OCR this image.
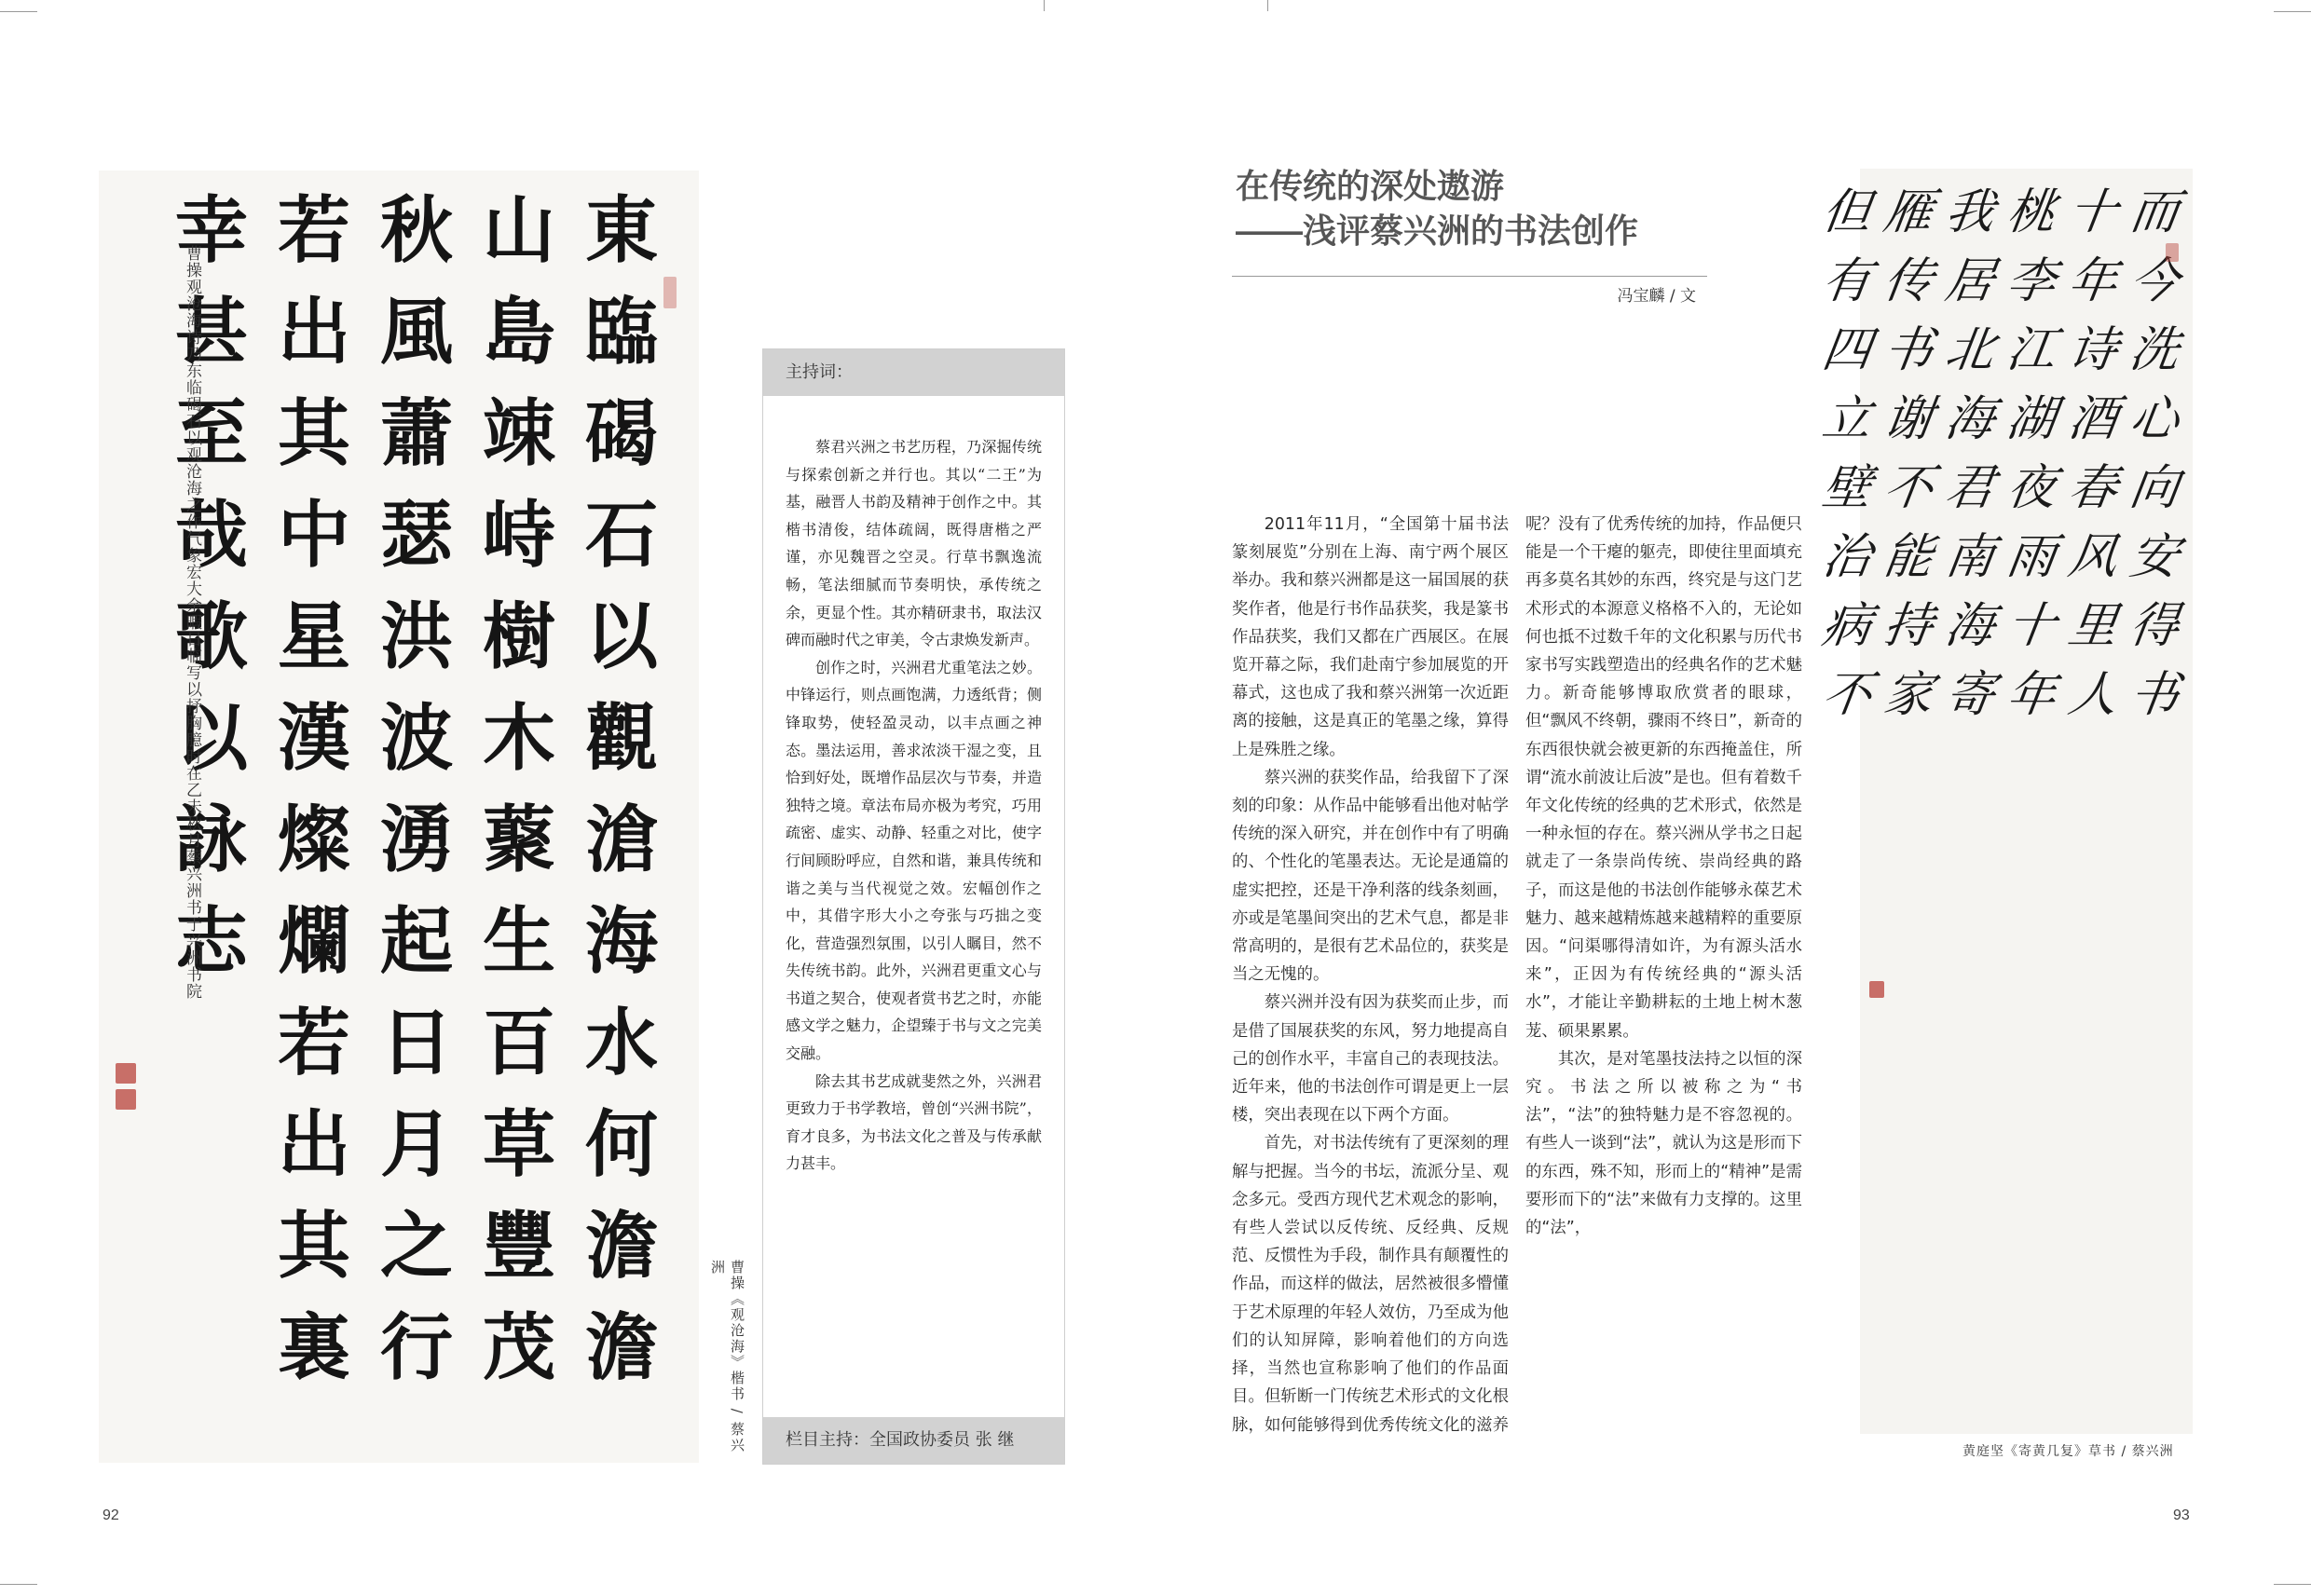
東
臨
碣
石
以
觀
滄
海
水
何
澹
澹
山
島
竦
峙
樹
木
藂
生
百
草
豐
茂
秋
風
蕭
瑟
洪
波
湧
起
日
月
之
行
若
出
其
中
星
漢
燦
爛
若
出
其
裏
幸
甚
至
哉
歌
以
詠
志
曹操观沧海诗乃东临碣石以观沧海之作气象宏大余暇日临写以抒胸臆时在乙未秋月蔡兴洲书于兴洲书院
曹操《观沧海》楷书 / 蔡兴洲
92
主持词：

蔡君兴洲之书艺历程，乃深掘传统与探索创新之并行也。其以“二王”为基，融晋人书韵及精神于创作之中。其楷书清俊，结体疏阔，既得唐楷之严谨，亦见魏晋之空灵。行草书飘逸流畅，笔法细腻而节奏明快，承传统之余，更显个性。其亦精研隶书，取法汉碑而融时代之审美，令古隶焕发新声。

创作之时，兴洲君尤重笔法之妙。中锋运行，则点画饱满，力透纸背；侧锋取势，使轻盈灵动，以丰点画之神态。墨法运用，善求浓淡干湿之变，且恰到好处，既增作品层次与节奏，并造独特之境。章法布局亦极为考究，巧用疏密、虚实、动静、轻重之对比，使字行间顾盼呼应，自然和谐，兼具传统和谐之美与当代视觉之效。宏幅创作之中，其借字形大小之夸张与巧拙之变化，营造强烈氛围，以引人瞩目，然不失传统书韵。此外，兴洲君更重文心与书道之契合，使观者赏书艺之时，亦能感文学之魅力，企望臻于书与文之完美交融。

除去其书艺成就斐然之外，兴洲君更致力于书学教培，曾创“兴洲书院”，育才良多，为书法文化之普及与传承献力甚丰。

栏目主持：全国政协委员 张 继
在传统的深处遨游
——浅评蔡兴洲的书法创作
冯宝麟 / 文

2011年11月，“全国第十届书法篆刻展览”分别在上海、南宁两个展区举办。我和蔡兴洲都是这一届国展的获奖作者，他是行书作品获奖，我是篆书作品获奖，我们又都在广西展区。在展览开幕之际，我们赴南宁参加展览的开幕式，这也成了我和蔡兴洲第一次近距离的接触，这是真正的笔墨之缘，算得上是殊胜之缘。

蔡兴洲的获奖作品，给我留下了深刻的印象：从作品中能够看出他对帖学传统的深入研究，并在创作中有了明确的、个性化的笔墨表达。无论是通篇的虚实把控，还是干净利落的线条刻画，亦或是笔墨间突出的艺术气息，都是非常高明的，是很有艺术品位的，获奖是当之无愧的。

蔡兴洲并没有因为获奖而止步，而是借了国展获奖的东风，努力地提高自己的创作水平，丰富自己的表现技法。近年来，他的书法创作可谓是更上一层楼，突出表现在以下两个方面。

首先，对书法传统有了更深刻的理解与把握。当今的书坛，流派分呈、观念多元。受西方现代艺术观念的影响，有些人尝试以反传统、反经典、反规范、反惯性为手段，制作具有颠覆性的作品，而这样的做法，居然被很多懵懂于艺术原理的年轻人效仿，乃至成为他们的认知屏障，影响着他们的方向选择，当然也宣称影响了他们的作品面目。但斩断一门传统艺术形式的文化根脉，如何能够得到优秀传统文化的滋养呢？没有了优秀传统的加持，作品便只能是一个干瘪的躯壳，即使往里面填充再多莫名其妙的东西，终究是与这门艺术形式的本源意义格格不入的，无论如何也抵不过数千年的文化积累与历代书家书写实践塑造出的经典名作的艺术魅力。新奇能够博取欣赏者的眼球，但“飘风不终朝，骤雨不终日”，新奇的东西很快就会被更新的东西掩盖住，所谓“流水前波让后波”是也。但有着数千年文化传统的经典的艺术形式，依然是一种永恒的存在。蔡兴洲从学书之日起就走了一条崇尚传统、崇尚经典的路子，而这是他的书法创作能够永葆艺术魅力、越来越精炼越来越精粹的重要原因。“问渠哪得清如许，为有源头活水来”，正因为有传统经典的“源头活水”，才能让辛勤耕耘的土地上树木葱茏、硕果累累。

其次，是对笔墨技法持之以恒的深究。书法之所以被称之为“书法”，“法”的独特魅力是不容忽视的。有些人一谈到“法”，就认为这是形而下的东西，殊不知，形而上的“精神”是需要形而下的“法”来做有力支撑的。这里的“法”，

而
今
洗
心
向
安
得
书
十
年
诗
酒
春
风
里
人
桃
李
江
湖
夜
雨
十
年
我
居
北
海
君
南
海
寄
雁
传
书
谢
不
能
持
家
但
有
四
立
壁
治
病
不
黄庭坚《寄黄几复》草书 / 蔡兴洲
93
